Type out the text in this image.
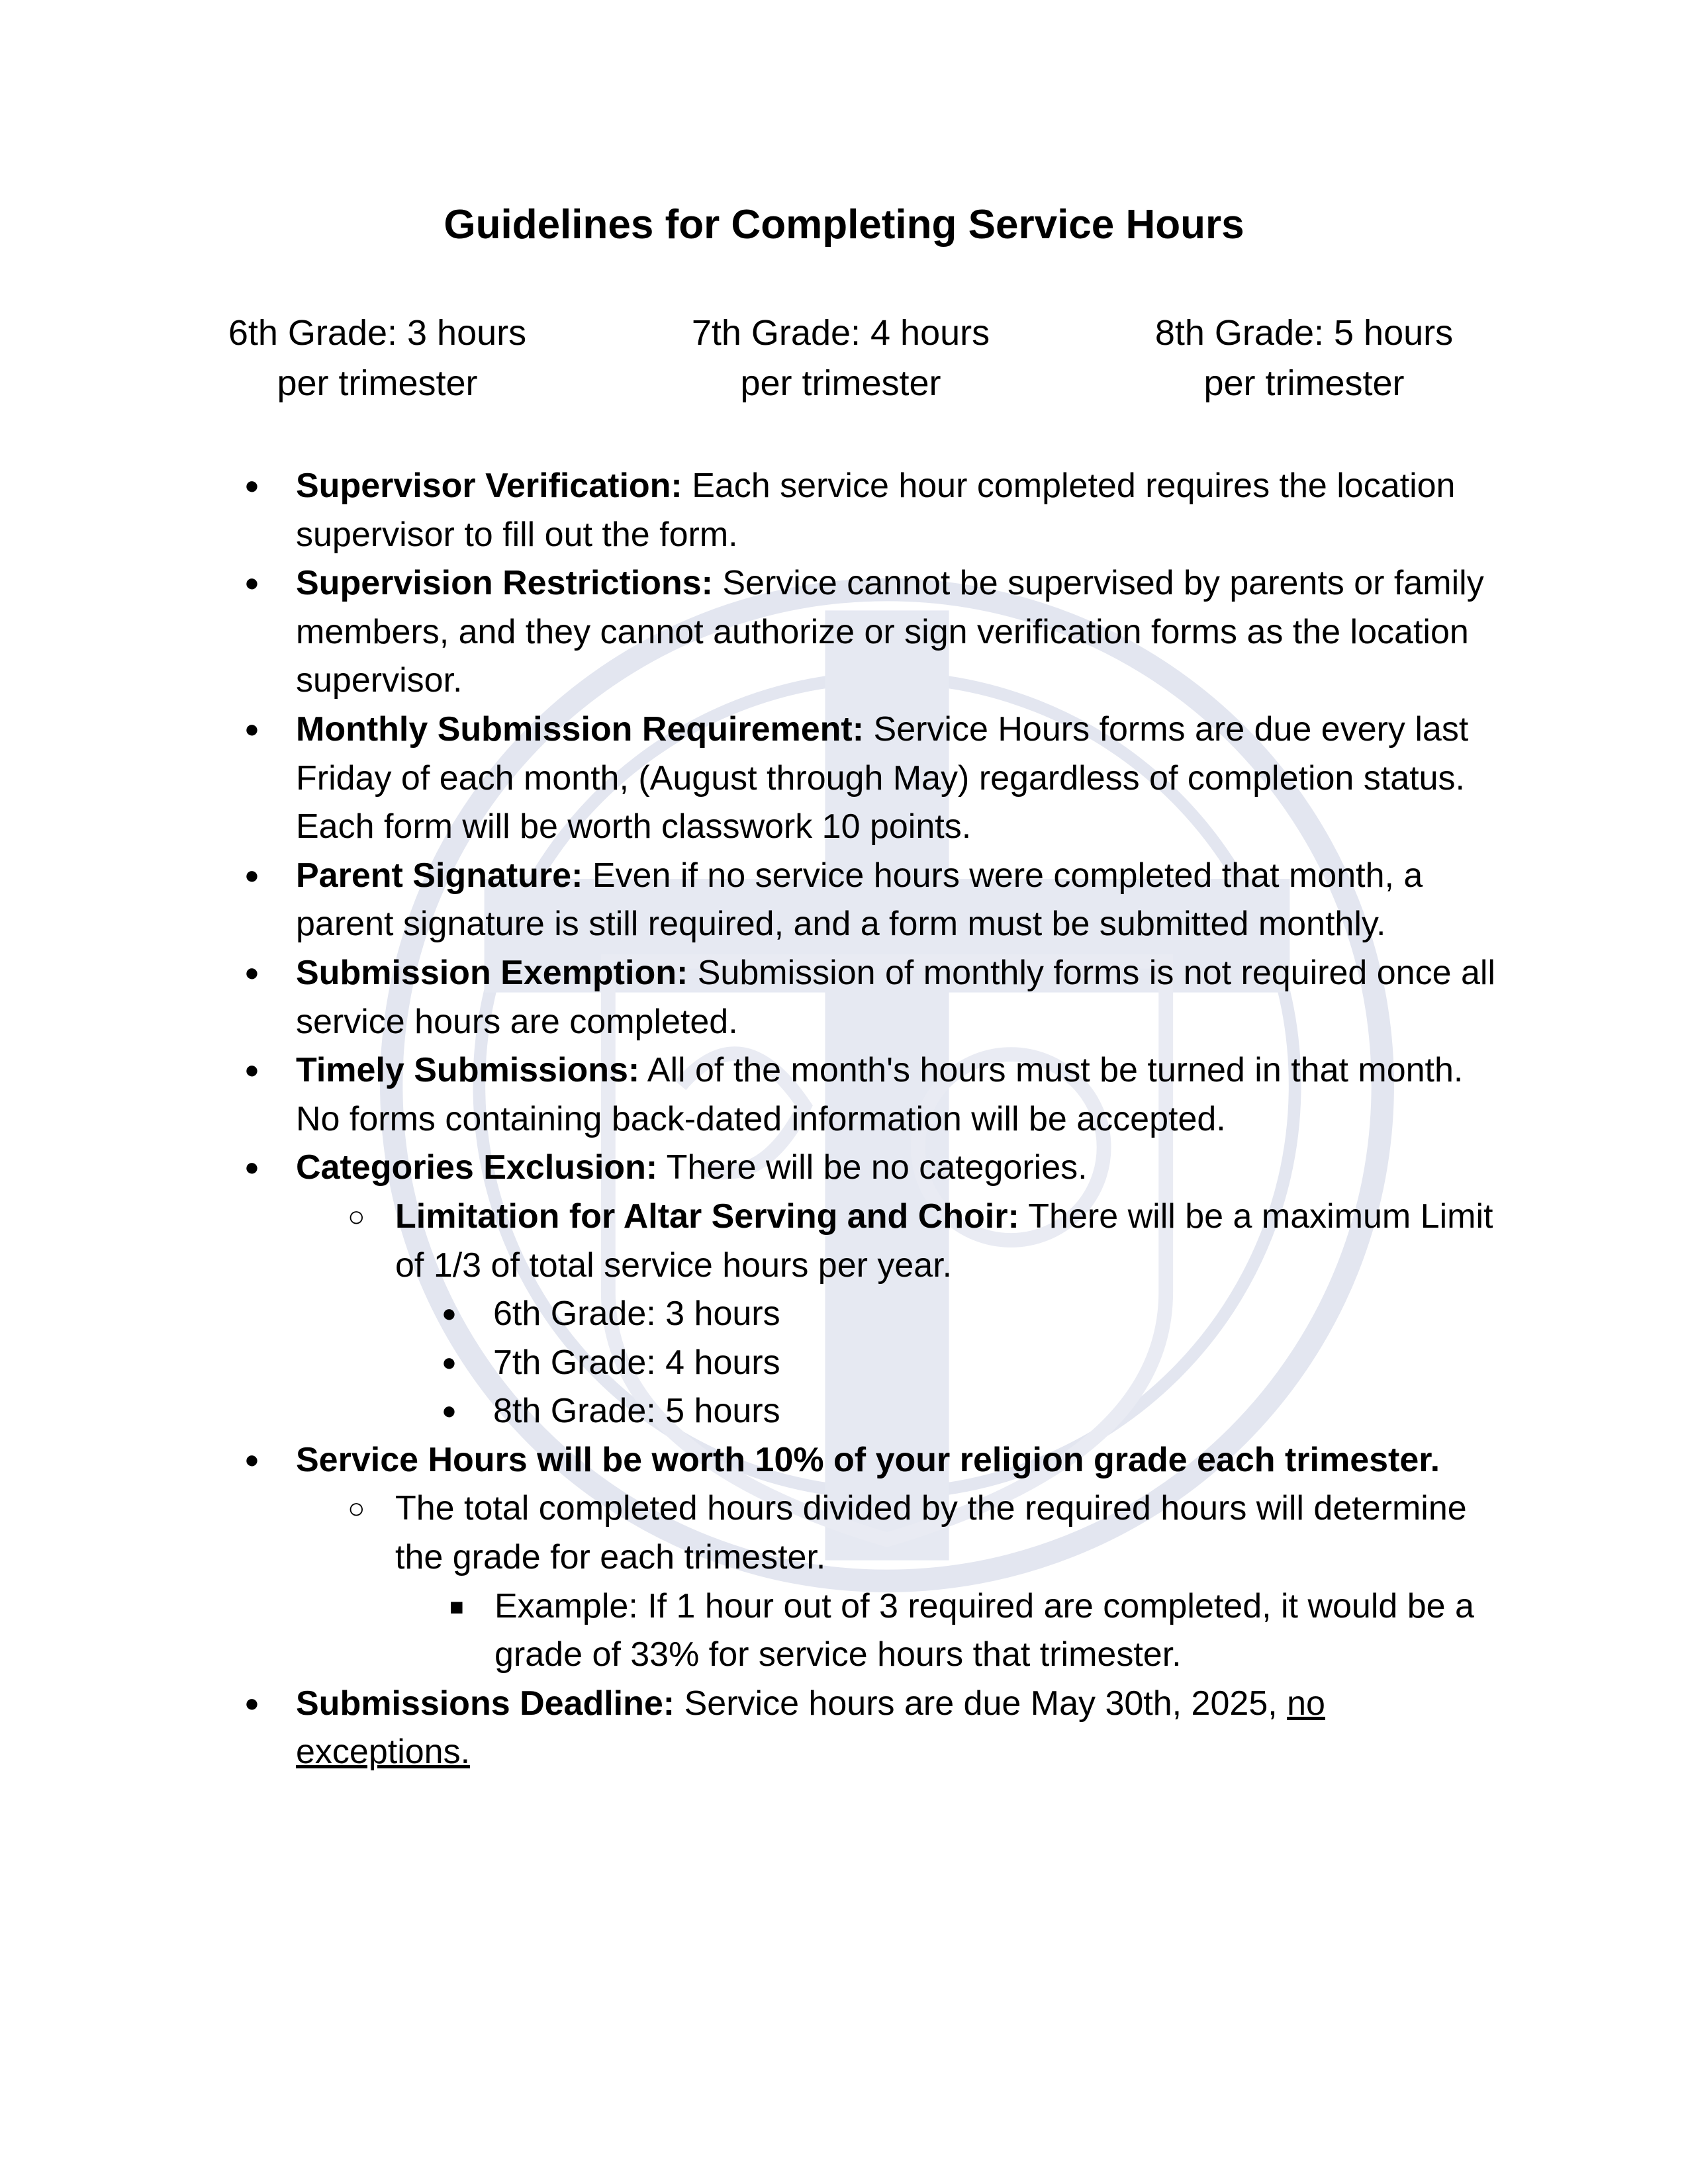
Guidelines for Completing Service Hours
6th Grade: 3 hours
per trimester
7th Grade: 4 hours
per trimester
8th Grade: 5 hours
per trimester
● Supervisor Verification: Each service hour completed requires the location supervisor to fill out the form.
● Supervision Restrictions: Service cannot be supervised by parents or family members, and they cannot authorize or sign verification forms as the location supervisor.
● Monthly Submission Requirement: Service Hours forms are due every last Friday of each month, (August through May) regardless of completion status. Each form will be worth classwork 10 points.
● Parent Signature: Even if no service hours were completed that month, a parent signature is still required, and a form must be submitted monthly.
● Submission Exemption: Submission of monthly forms is not required once all service hours are completed.
● Timely Submissions: All of the month's hours must be turned in that month. No forms containing back-dated information will be accepted.
● Categories Exclusion: There will be no categories.
○ Limitation for Altar Serving and Choir: There will be a maximum Limit of 1/3 of total service hours per year.
● 6th Grade: 3 hours
● 7th Grade: 4 hours
● 8th Grade: 5 hours
● Service Hours will be worth 10% of your religion grade each trimester.
○ The total completed hours divided by the required hours will determine the grade for each trimester.
■ Example: If 1 hour out of 3 required are completed, it would be a grade of 33% for service hours that trimester.
● Submissions Deadline: Service hours are due May 30th, 2025, no exceptions.
